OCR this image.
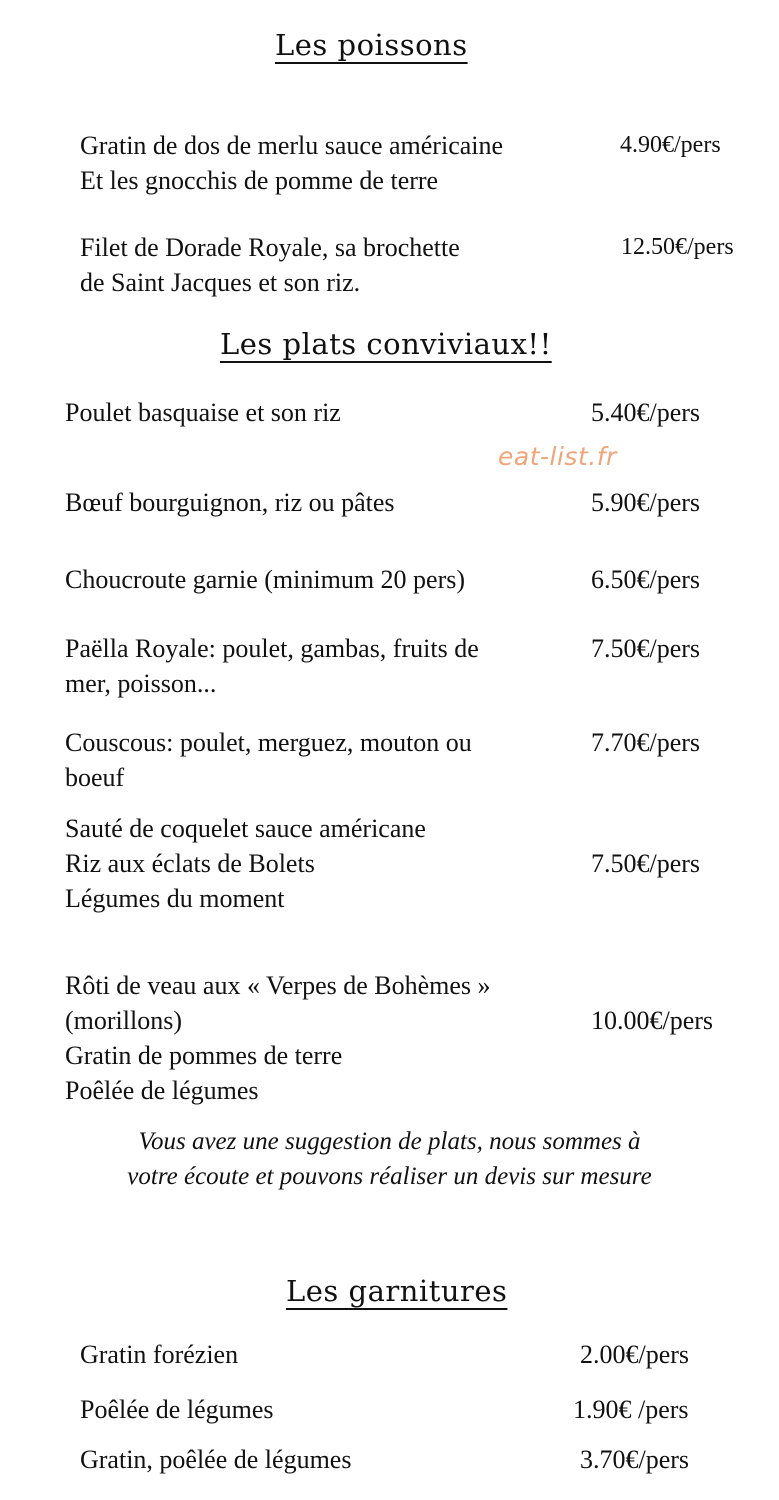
Les poissons
Gratin de dos de merlu sauce américaine
Et les gnocchis de pomme de terre
4.90€/pers
Filet de Dorade Royale, sa brochette
de Saint Jacques et son riz.
12.50€/pers
Les plats conviviaux!!
Poulet basquaise et son riz	5.40€/pers
eat-list.fr
Bœuf bourguignon, riz ou pâtes	5.90€/pers
Choucroute garnie (minimum 20 pers)	6.50€/pers
Paëlla Royale: poulet, gambas, fruits de
mer, poisson...
7.50€/pers
Couscous: poulet, merguez, mouton ou
boeuf
7.70€/pers
Sauté de coquelet sauce américane
Riz aux éclats de Bolets
Légumes du moment
7.50€/pers
Rôti de veau aux « Verpes de Bohèmes »
(morillons)
Gratin de pommes de terre
Poêlée de légumes
10.00€/pers
Vous avez une suggestion de plats, nous sommes à
votre écoute et pouvons réaliser un devis sur mesure
Les garnitures
Gratin forézien	2.00€/pers
Poêlée de légumes	1.90€ /pers
Gratin, poêlée de légumes	3.70€/pers
